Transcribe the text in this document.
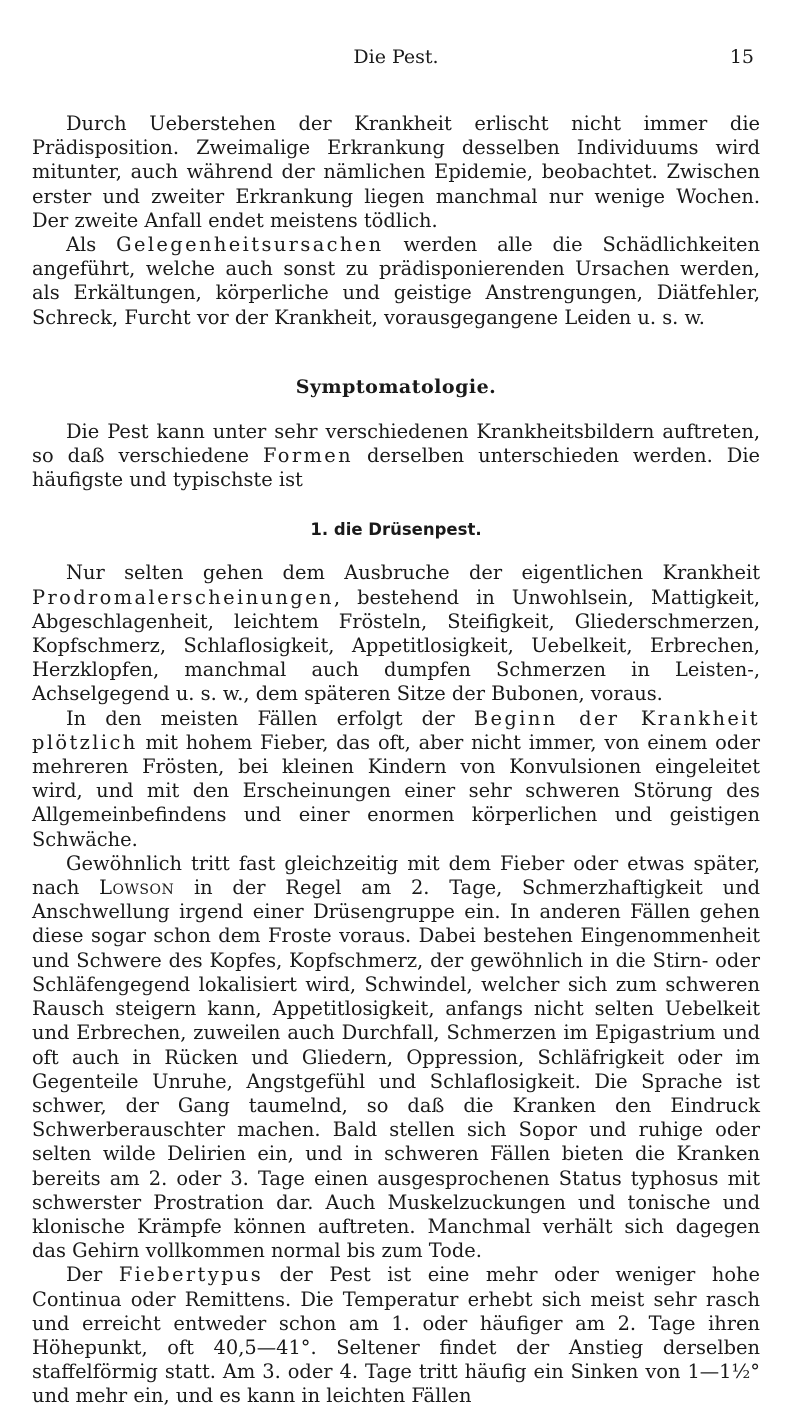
Die Pest.	15

Durch Ueberstehen der Krankheit erlischt nicht immer die Prädisposition. Zweimalige Erkrankung desselben Individuums wird mitunter, auch während der nämlichen Epidemie, beobachtet. Zwischen erster und zweiter Erkrankung liegen manchmal nur wenige Wochen. Der zweite Anfall endet meistens tödlich.

Als Gelegenheitsursachen werden alle die Schädlichkeiten angeführt, welche auch sonst zu prädisponierenden Ursachen werden, als Erkältungen, körperliche und geistige Anstrengungen, Diätfehler, Schreck, Furcht vor der Krankheit, vorausgegangene Leiden u. s. w.

Symptomatologie.

Die Pest kann unter sehr verschiedenen Krankheitsbildern auftreten, so daß verschiedene Formen derselben unterschieden werden. Die häufigste und typischste ist

1. die Drüsenpest.

Nur selten gehen dem Ausbruche der eigentlichen Krankheit Prodromalerscheinungen, bestehend in Unwohlsein, Mattigkeit, Abgeschlagenheit, leichtem Frösteln, Steifigkeit, Gliederschmerzen, Kopfschmerz, Schlaflosigkeit, Appetitlosigkeit, Uebelkeit, Erbrechen, Herzklopfen, manchmal auch dumpfen Schmerzen in Leisten-, Achselgegend u. s. w., dem späteren Sitze der Bubonen, voraus.

In den meisten Fällen erfolgt der Beginn der Krankheit plötzlich mit hohem Fieber, das oft, aber nicht immer, von einem oder mehreren Frösten, bei kleinen Kindern von Konvulsionen eingeleitet wird, und mit den Erscheinungen einer sehr schweren Störung des Allgemeinbefindens und einer enormen körperlichen und geistigen Schwäche.

Gewöhnlich tritt fast gleichzeitig mit dem Fieber oder etwas später, nach Lowson in der Regel am 2. Tage, Schmerzhaftigkeit und Anschwellung irgend einer Drüsengruppe ein. In anderen Fällen gehen diese sogar schon dem Froste voraus. Dabei bestehen Eingenommenheit und Schwere des Kopfes, Kopfschmerz, der gewöhnlich in die Stirn- oder Schläfengegend lokalisiert wird, Schwindel, welcher sich zum schweren Rausch steigern kann, Appetitlosigkeit, anfangs nicht selten Uebelkeit und Erbrechen, zuweilen auch Durchfall, Schmerzen im Epigastrium und oft auch in Rücken und Gliedern, Oppression, Schläfrigkeit oder im Gegenteile Unruhe, Angstgefühl und Schlaflosigkeit. Die Sprache ist schwer, der Gang taumelnd, so daß die Kranken den Eindruck Schwerberauschter machen. Bald stellen sich Sopor und ruhige oder selten wilde Delirien ein, und in schweren Fällen bieten die Kranken bereits am 2. oder 3. Tage einen ausgesprochenen Status typhosus mit schwerster Prostration dar. Auch Muskelzuckungen und tonische und klonische Krämpfe können auftreten. Manchmal verhält sich dagegen das Gehirn vollkommen normal bis zum Tode.

Der Fiebertypus der Pest ist eine mehr oder weniger hohe Continua oder Remittens. Die Temperatur erhebt sich meist sehr rasch und erreicht entweder schon am 1. oder häufiger am 2. Tage ihren Höhepunkt, oft 40,5—41°. Seltener findet der Anstieg derselben staffelförmig statt. Am 3. oder 4. Tage tritt häufig ein Sinken von 1—1½° und mehr ein, und es kann in leichten Fällen
